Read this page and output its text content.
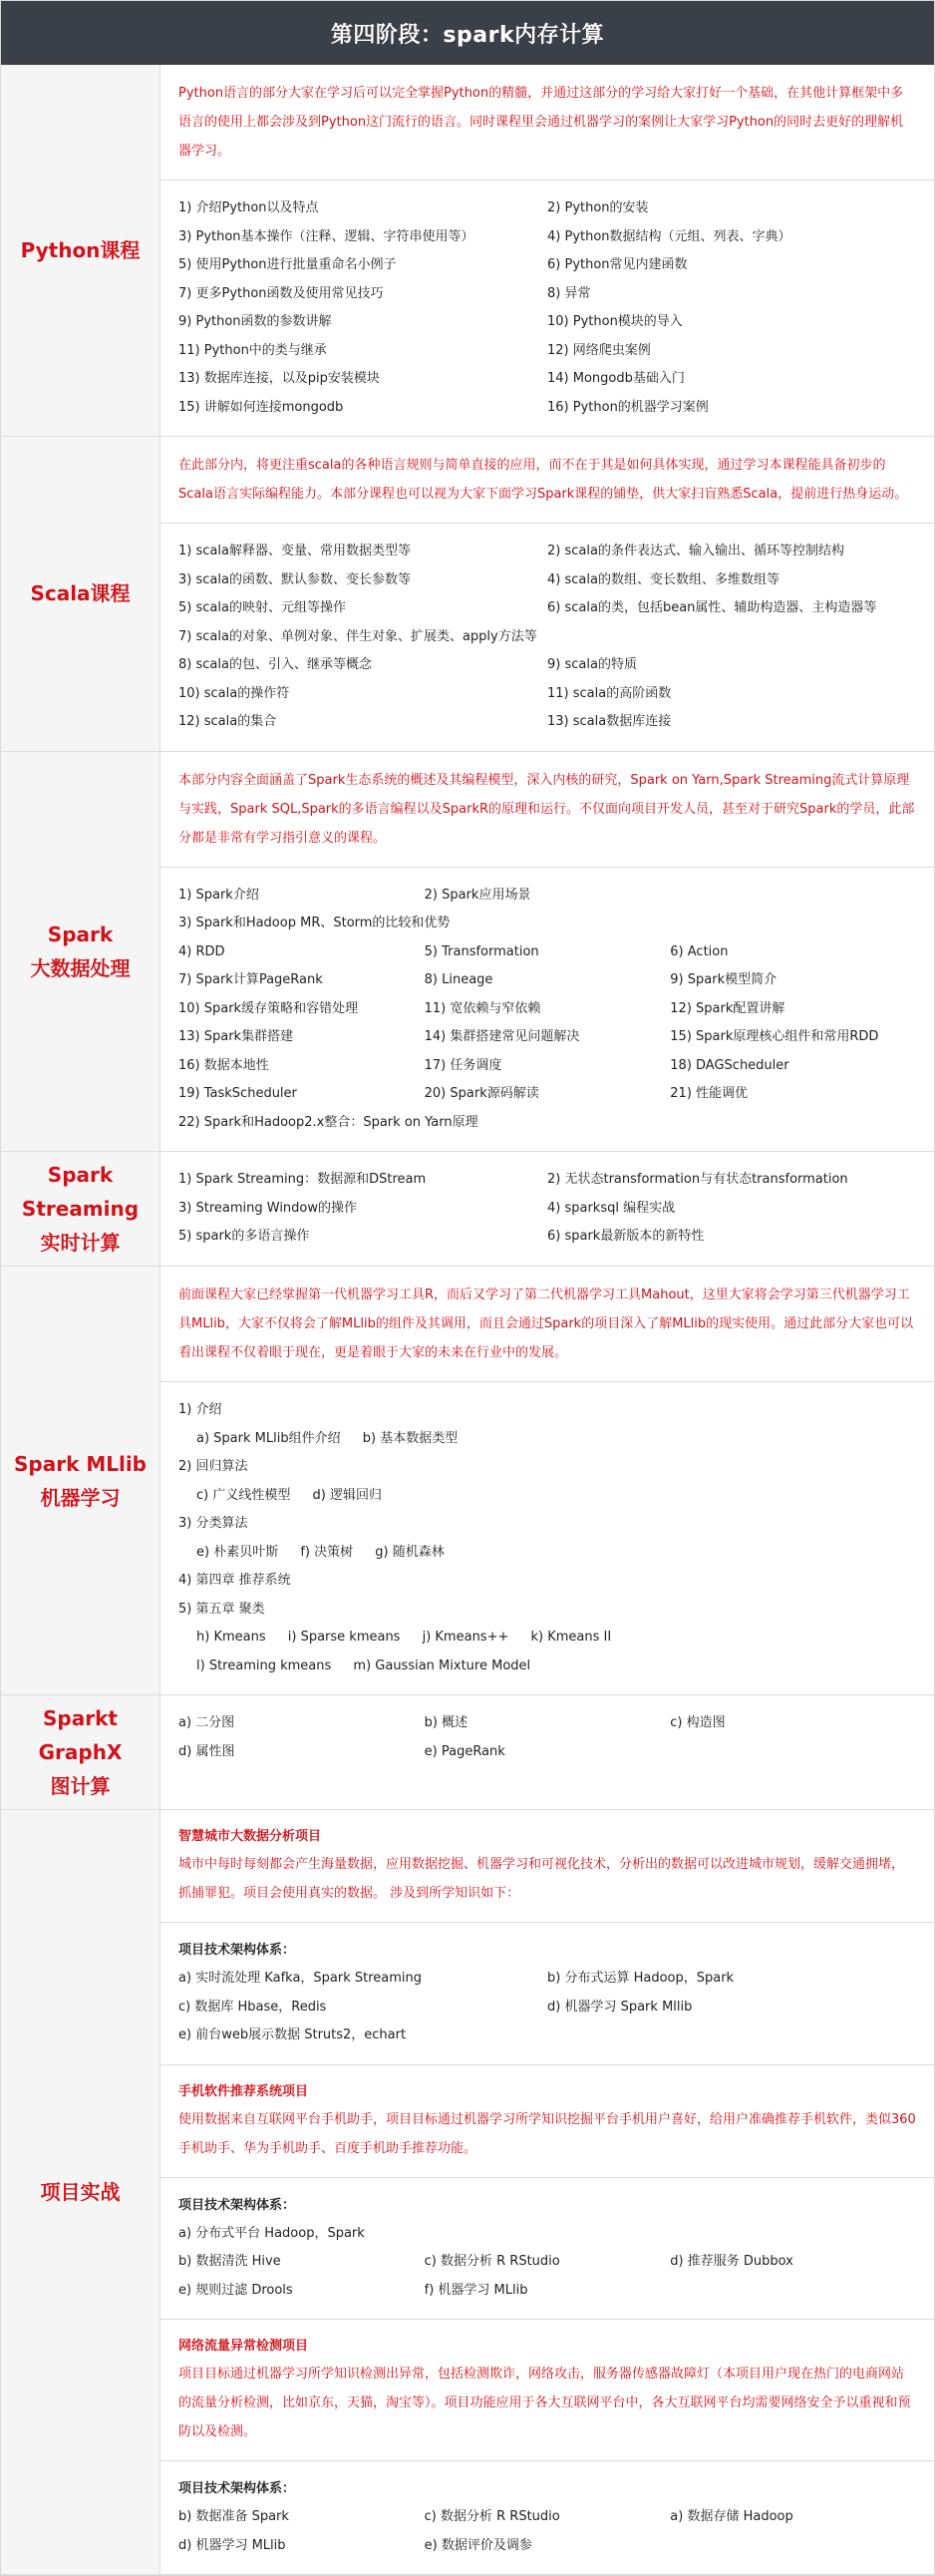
第四阶段：spark内存计算
Python课程
Python语言的部分大家在学习后可以完全掌握Python的精髓，并通过这部分的学习给大家打好一个基础，在其他计算框架中多语言的使用上都会涉及到Python这门流行的语言。同时课程里会通过机器学习的案例让大家学习Python的同时去更好的理解机器学习。
1) 介绍Python以及特点	2) Python的安装
3) Python基本操作（注释、逻辑、字符串使用等）	4) Python数据结构（元组、列表、字典）
5) 使用Python进行批量重命名小例子	6) Python常见内建函数
7) 更多Python函数及使用常见技巧	8) 异常
9) Python函数的参数讲解	10) Python模块的导入
11) Python中的类与继承	12) 网络爬虫案例
13) 数据库连接，以及pip安装模块	14) Mongodb基础入门
15) 讲解如何连接mongodb	16) Python的机器学习案例
Scala课程
在此部分内，将更注重scala的各种语言规则与简单直接的应用，而不在于其是如何具体实现，通过学习本课程能具备初步的Scala语言实际编程能力。本部分课程也可以视为大家下面学习Spark课程的铺垫，供大家扫盲熟悉Scala，提前进行热身运动。
1) scala解释器、变量、常用数据类型等	2) scala的条件表达式、输入输出、循环等控制结构
3) scala的函数、默认参数、变长参数等	4) scala的数组、变长数组、多维数组等
5) scala的映射、元组等操作	6) scala的类，包括bean属性、辅助构造器、主构造器等
7) scala的对象、单例对象、伴生对象、扩展类、apply方法等
8) scala的包、引入、继承等概念	9) scala的特质
10) scala的操作符	11) scala的高阶函数
12) scala的集合	13) scala数据库连接
Spark
大数据处理
本部分内容全面涵盖了Spark生态系统的概述及其编程模型，深入内核的研究，Spark on Yarn,Spark Streaming流式计算原理与实践，Spark SQL,Spark的多语言编程以及SparkR的原理和运行。不仅面向项目开发人员，甚至对于研究Spark的学员，此部分都是非常有学习指引意义的课程。
1) Spark介绍	2) Spark应用场景
3) Spark和Hadoop MR、Storm的比较和优势
4) RDD	5) Transformation	6) Action
7) Spark计算PageRank	8) Lineage	9) Spark模型简介
10) Spark缓存策略和容错处理	11) 宽依赖与窄依赖	12) Spark配置讲解
13) Spark集群搭建	14) 集群搭建常见问题解决	15) Spark原理核心组件和常用RDD
16) 数据本地性	17) 任务调度	18) DAGScheduler
19) TaskScheduler	20) Spark源码解读	21) 性能调优
22) Spark和Hadoop2.x整合：Spark on Yarn原理
Spark
Streaming
实时计算
1) Spark Streaming：数据源和DStream	2) 无状态transformation与有状态transformation
3) Streaming Window的操作	4) sparksql 编程实战
5) spark的多语言操作	6) spark最新版本的新特性
Spark MLlib
机器学习
前面课程大家已经掌握第一代机器学习工具R，而后又学习了第二代机器学习工具Mahout，这里大家将会学习第三代机器学习工具MLlib，大家不仅将会了解MLlib的组件及其调用，而且会通过Spark的项目深入了解MLlib的现实使用。通过此部分大家也可以看出课程不仅着眼于现在，更是着眼于大家的未来在行业中的发展。
1) 介绍
a) Spark MLlib组件介绍 b) 基本数据类型
2) 回归算法
c) 广义线性模型 d) 逻辑回归
3) 分类算法
e) 朴素贝叶斯 f) 决策树 g) 随机森林
4) 第四章 推荐系统
5) 第五章 聚类
h) Kmeans i) Sparse kmeans j) Kmeans++ k) Kmeans II
l) Streaming kmeans m) Gaussian Mixture Model
Sparkt GraphX
图计算
a) 二分图	b) 概述	c) 构造图
d) 属性图	e) PageRank
项目实战
智慧城市大数据分析项目
城市中每时每刻都会产生海量数据，应用数据挖掘、机器学习和可视化技术，分析出的数据可以改进城市规划，缓解交通拥堵，抓捕罪犯。项目会使用真实的数据。 涉及到所学知识如下：
项目技术架构体系：
a) 实时流处理 Kafka，Spark Streaming	b) 分布式运算 Hadoop，Spark
c) 数据库 Hbase，Redis	d) 机器学习 Spark Mllib
e) 前台web展示数据 Struts2，echart
手机软件推荐系统项目
使用数据来自互联网平台手机助手，项目目标通过机器学习所学知识挖掘平台手机用户喜好，给用户准确推荐手机软件，类似360手机助手、华为手机助手、百度手机助手推荐功能。
项目技术架构体系：
a) 分布式平台 Hadoop，Spark
b) 数据清洗 Hive	c) 数据分析 R RStudio	d) 推荐服务 Dubbox
e) 规则过滤 Drools	f) 机器学习 MLlib
网络流量异常检测项目
项目目标通过机器学习所学知识检测出异常，包括检测欺诈，网络攻击，服务器传感器故障灯（本项目用户现在热门的电商网站的流量分析检测，比如京东，天猫，淘宝等）。项目功能应用于各大互联网平台中，各大互联网平台均需要网络安全予以重视和预防以及检测。
项目技术架构体系：
b) 数据准备 Spark	c) 数据分析 R RStudio	a) 数据存储 Hadoop
d) 机器学习 MLlib	e) 数据评价及调参
